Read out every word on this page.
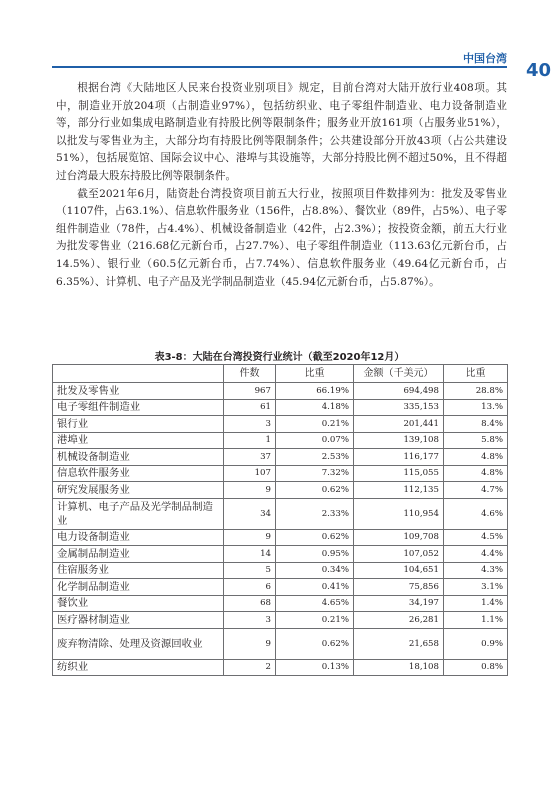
中国台湾
40

根据台湾《大陆地区人民来台投资业别项目》规定，目前台湾对大陆开放行业408项。其中，制造业开放204项（占制造业97%），包括纺织业、电子零组件制造业、电力设备制造业等，部分行业如集成电路制造业有持股比例等限制条件；服务业开放161项（占服务业51%），以批发与零售业为主，大部分均有持股比例等限制条件；公共建设部分开放43项（占公共建设51%），包括展览馆、国际会议中心、港埠与其设施等，大部分持股比例不超过50%，且不得超过台湾最大股东持股比例等限制条件。

截至2021年6月，陆资赴台湾投资项目前五大行业，按照项目件数排列为：批发及零售业（1107件，占63.1%）、信息软件服务业（156件，占8.8%）、餐饮业（89件，占5%）、电子零组件制造业（78件，占4.4%）、机械设备制造业（42件，占2.3%）；按投资金额，前五大行业为批发零售业（216.68亿元新台币，占27.7%）、电子零组件制造业（113.63亿元新台币，占14.5%）、银行业（60.5亿元新台币，占7.74%）、信息软件服务业（49.64亿元新台币，占6.35%）、计算机、电子产品及光学制品制造业（45.94亿元新台币，占5.87%）。

表3-8：大陆在台湾投资行业统计（截至2020年12月）
	件数	比重	金额（千美元）	比重
批发及零售业	967	66.19%	694,498	28.8%
电子零组件制造业	61	4.18%	335,153	13.%
银行业	3	0.21%	201,441	8.4%
港埠业	1	0.07%	139,108	5.8%
机械设备制造业	37	2.53%	116,177	4.8%
信息软件服务业	107	7.32%	115,055	4.8%
研究发展服务业	9	0.62%	112,135	4.7%
计算机、电子产品及光学制品制造业	34	2.33%	110,954	4.6%
电力设备制造业	9	0.62%	109,708	4.5%
金属制品制造业	14	0.95%	107,052	4.4%
住宿服务业	5	0.34%	104,651	4.3%
化学制品制造业	6	0.41%	75,856	3.1%
餐饮业	68	4.65%	34,197	1.4%
医疗器材制造业	3	0.21%	26,281	1.1%
废弃物清除、处理及资源回收业	9	0.62%	21,658	0.9%
纺织业	2	0.13%	18,108	0.8%
